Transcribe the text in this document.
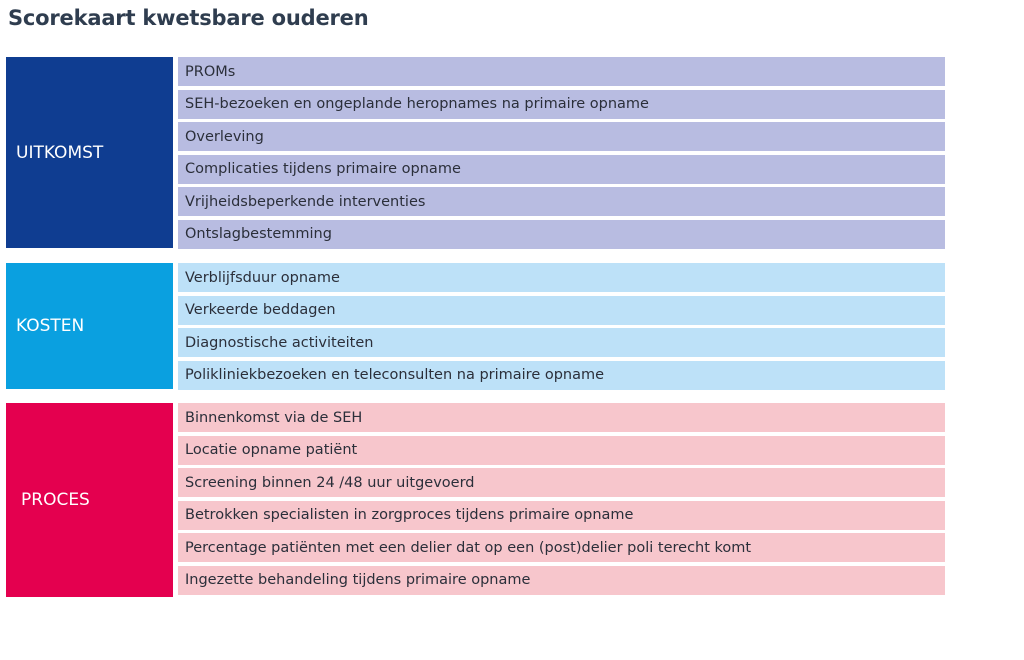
Scorekaart kwetsbare ouderen
UITKOMST
PROMs
SEH-bezoeken en ongeplande heropnames na primaire opname
Overleving
Complicaties tijdens primaire opname
Vrijheidsbeperkende interventies
Ontslagbestemming
KOSTEN
Verblijfsduur opname
Verkeerde beddagen
Diagnostische activiteiten
Polikliniekbezoeken en teleconsulten na primaire opname
PROCES
Binnenkomst via de SEH
Locatie opname patiënt
Screening binnen 24 /48 uur uitgevoerd
Betrokken specialisten in zorgproces tijdens primaire opname
Percentage patiënten met een delier dat op een (post)delier poli terecht komt
Ingezette behandeling tijdens primaire opname
